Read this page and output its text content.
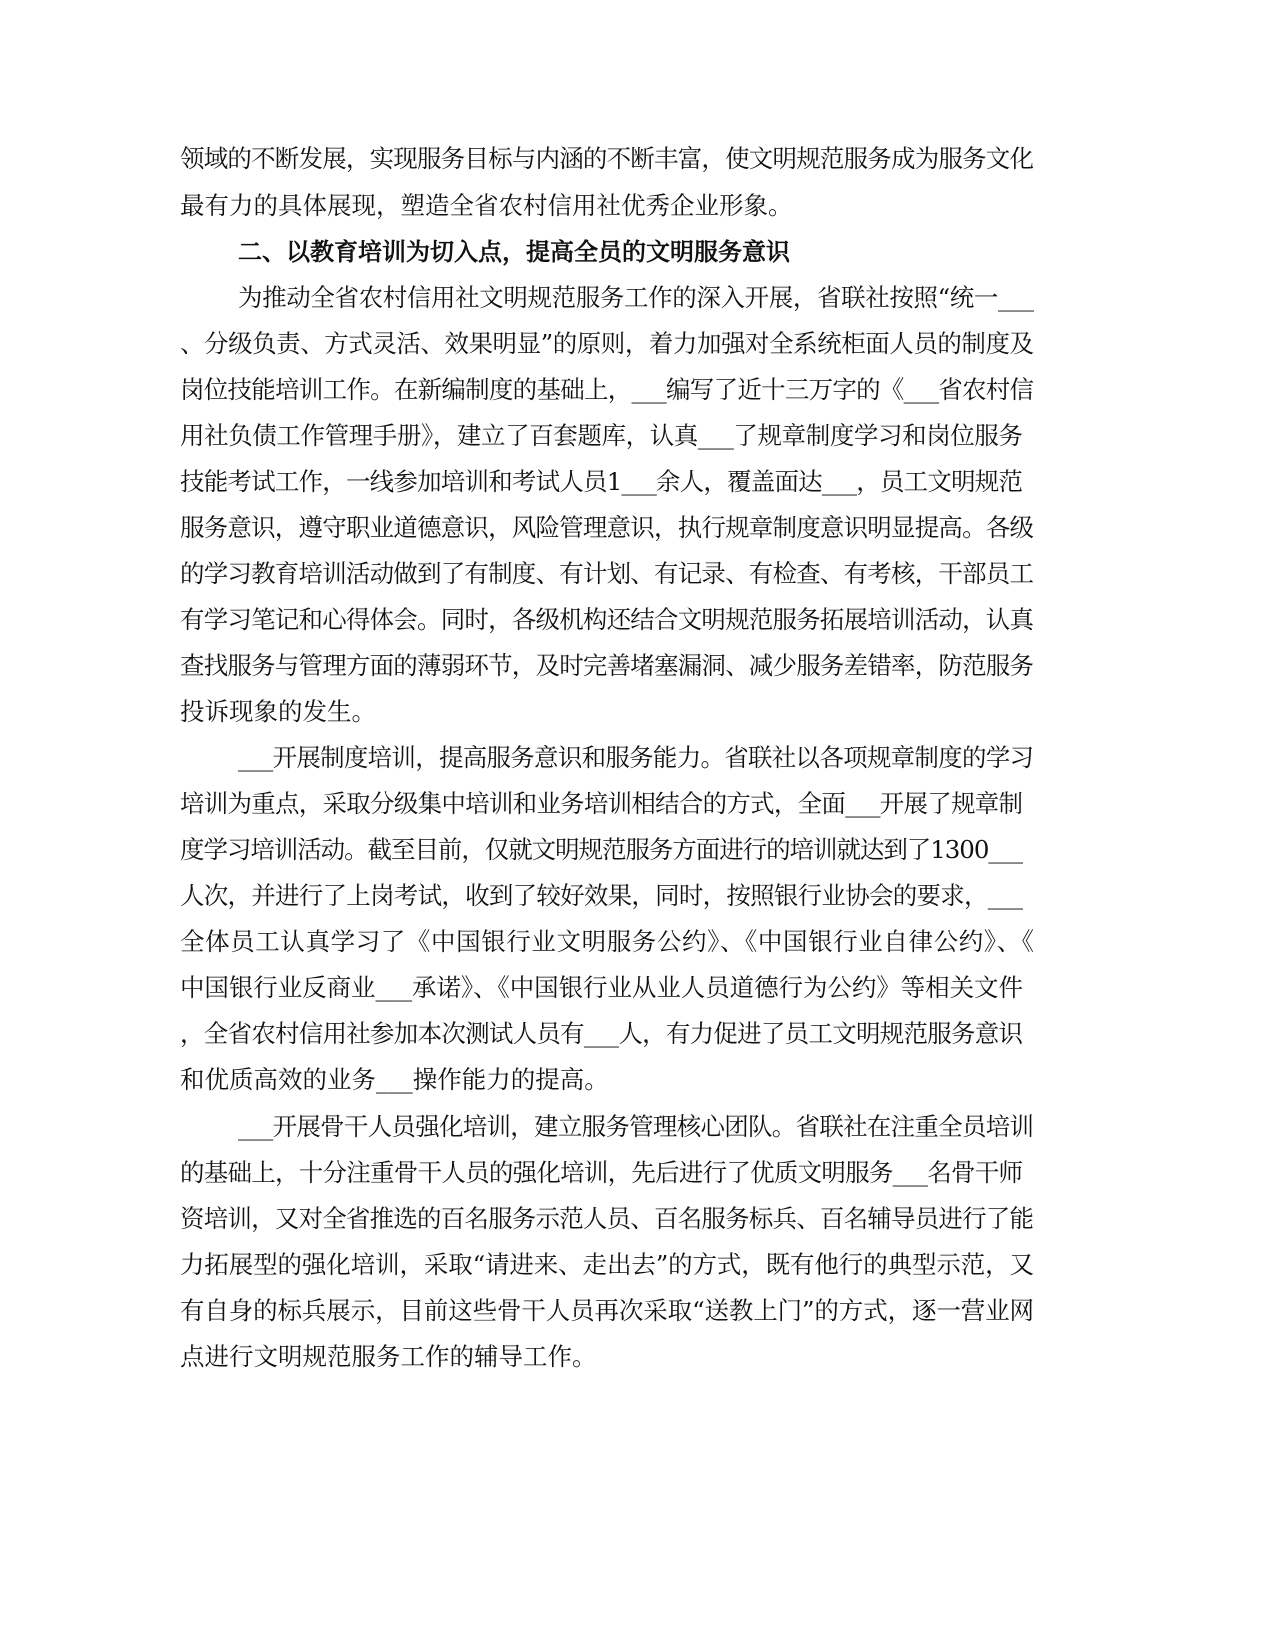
领域的不断发展，实现服务目标与内涵的不断丰富，使文明规范服务成为服务文化
最有力的具体展现，塑造全省农村信用社优秀企业形象。
二、以教育培训为切入点，提高全员的文明服务意识
为推动全省农村信用社文明规范服务工作的深入开展，省联社按照“统一___
、分级负责、方式灵活、效果明显”的原则，着力加强对全系统柜面人员的制度及
岗位技能培训工作。在新编制度的基础上，___编写了近十三万字的《___省农村信
用社负债工作管理手册》，建立了百套题库，认真___了规章制度学习和岗位服务
技能考试工作，一线参加培训和考试人员1___余人，覆盖面达___，员工文明规范
服务意识，遵守职业道德意识，风险管理意识，执行规章制度意识明显提高。各级
的学习教育培训活动做到了有制度、有计划、有记录、有检查、有考核，干部员工
有学习笔记和心得体会。同时，各级机构还结合文明规范服务拓展培训活动，认真
查找服务与管理方面的薄弱环节，及时完善堵塞漏洞、减少服务差错率，防范服务
投诉现象的发生。
___开展制度培训，提高服务意识和服务能力。省联社以各项规章制度的学习
培训为重点，采取分级集中培训和业务培训相结合的方式，全面___开展了规章制
度学习培训活动。截至目前，仅就文明规范服务方面进行的培训就达到了1300___
人次，并进行了上岗考试，收到了较好效果，同时，按照银行业协会的要求，___
全体员工认真学习了《中国银行业文明服务公约》、《中国银行业自律公约》、《
中国银行业反商业___承诺》、《中国银行业从业人员道德行为公约》等相关文件
，全省农村信用社参加本次测试人员有___人，有力促进了员工文明规范服务意识
和优质高效的业务___操作能力的提高。
___开展骨干人员强化培训，建立服务管理核心团队。省联社在注重全员培训
的基础上，十分注重骨干人员的强化培训，先后进行了优质文明服务___名骨干师
资培训，又对全省推选的百名服务示范人员、百名服务标兵、百名辅导员进行了能
力拓展型的强化培训，采取“请进来、走出去”的方式，既有他行的典型示范，又
有自身的标兵展示，目前这些骨干人员再次采取“送教上门”的方式，逐一营业网
点进行文明规范服务工作的辅导工作。
